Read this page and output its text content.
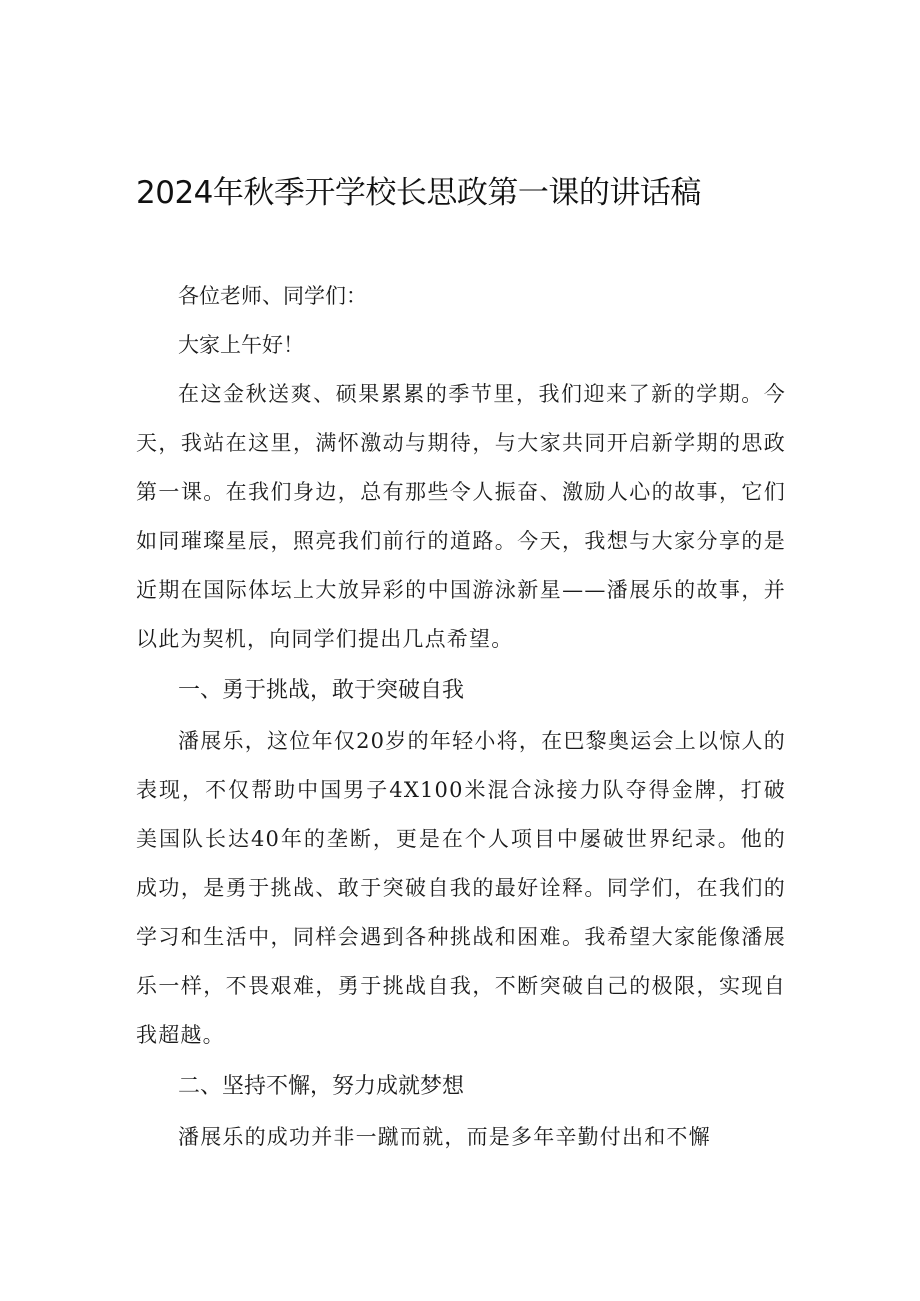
2024年秋季开学校长思政第一课的讲话稿

各位老师、同学们：

大家上午好！

在这金秋送爽、硕果累累的季节里，我们迎来了新的学期。今天，我站在这里，满怀激动与期待，与大家共同开启新学期的思政第一课。在我们身边，总有那些令人振奋、激励人心的故事，它们如同璀璨星辰，照亮我们前行的道路。今天，我想与大家分享的是近期在国际体坛上大放异彩的中国游泳新星——潘展乐的故事，并以此为契机，向同学们提出几点希望。

一、勇于挑战，敢于突破自我

潘展乐，这位年仅20岁的年轻小将，在巴黎奥运会上以惊人的表现，不仅帮助中国男子4X100米混合泳接力队夺得金牌，打破美国队长达40年的垄断，更是在个人项目中屡破世界纪录。他的成功，是勇于挑战、敢于突破自我的最好诠释。同学们，在我们的学习和生活中，同样会遇到各种挑战和困难。我希望大家能像潘展乐一样，不畏艰难，勇于挑战自我，不断突破自己的极限，实现自我超越。

二、坚持不懈，努力成就梦想

潘展乐的成功并非一蹴而就，而是多年辛勤付出和不懈
